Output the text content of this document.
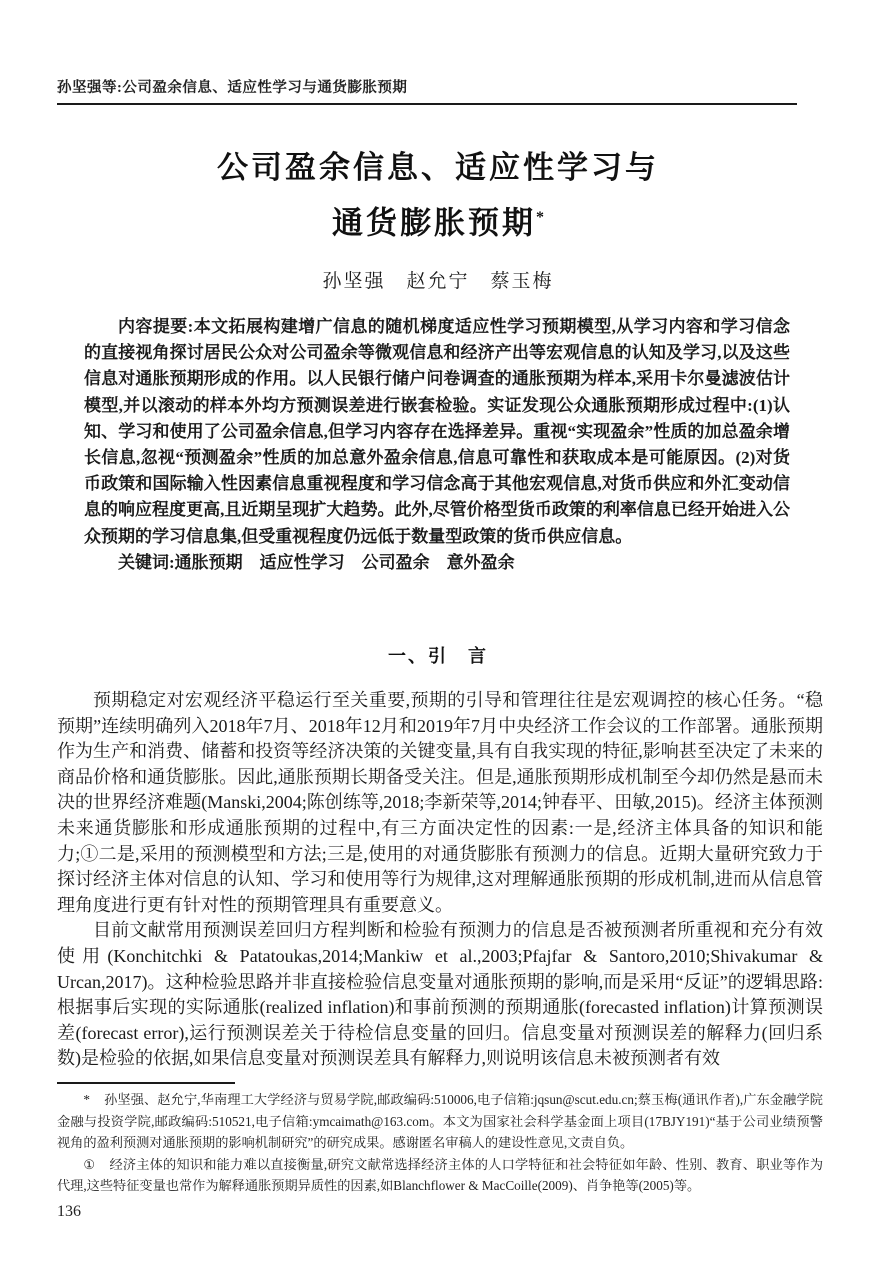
孙坚强等:公司盈余信息、适应性学习与通货膨胀预期
公司盈余信息、适应性学习与
通货膨胀预期*
孙坚强　赵允宁　蔡玉梅

内容提要:本文拓展构建增广信息的随机梯度适应性学习预期模型,从学习内容和学习信念的直接视角探讨居民公众对公司盈余等微观信息和经济产出等宏观信息的认知及学习,以及这些信息对通胀预期形成的作用。以人民银行储户问卷调查的通胀预期为样本,采用卡尔曼滤波估计模型,并以滚动的样本外均方预测误差进行嵌套检验。实证发现公众通胀预期形成过程中:(1)认知、学习和使用了公司盈余信息,但学习内容存在选择差异。重视“实现盈余”性质的加总盈余增长信息,忽视“预测盈余”性质的加总意外盈余信息,信息可靠性和获取成本是可能原因。(2)对货币政策和国际输入性因素信息重视程度和学习信念高于其他宏观信息,对货币供应和外汇变动信息的响应程度更高,且近期呈现扩大趋势。此外,尽管价格型货币政策的利率信息已经开始进入公众预期的学习信息集,但受重视程度仍远低于数量型政策的货币供应信息。

关键词:通胀预期　适应性学习　公司盈余　意外盈余

一、引　言

预期稳定对宏观经济平稳运行至关重要,预期的引导和管理往往是宏观调控的核心任务。“稳预期”连续明确列入2018年7月、2018年12月和2019年7月中央经济工作会议的工作部署。通胀预期作为生产和消费、储蓄和投资等经济决策的关键变量,具有自我实现的特征,影响甚至决定了未来的商品价格和通货膨胀。因此,通胀预期长期备受关注。但是,通胀预期形成机制至今却仍然是悬而未决的世界经济难题(Manski,2004;陈创练等,2018;李新荣等,2014;钟春平、田敏,2015)。经济主体预测未来通货膨胀和形成通胀预期的过程中,有三方面决定性的因素:一是,经济主体具备的知识和能力;①二是,采用的预测模型和方法;三是,使用的对通货膨胀有预测力的信息。近期大量研究致力于探讨经济主体对信息的认知、学习和使用等行为规律,这对理解通胀预期的形成机制,进而从信息管理角度进行更有针对性的预期管理具有重要意义。

目前文献常用预测误差回归方程判断和检验有预测力的信息是否被预测者所重视和充分有效使用(Konchitchki & Patatoukas,2014;Mankiw et al.,2003;Pfajfar & Santoro,2010;Shivakumar & Urcan,2017)。这种检验思路并非直接检验信息变量对通胀预期的影响,而是采用“反证”的逻辑思路:根据事后实现的实际通胀(realized inflation)和事前预测的预期通胀(forecasted inflation)计算预测误差(forecast error),运行预测误差关于待检信息变量的回归。信息变量对预测误差的解释力(回归系数)是检验的依据,如果信息变量对预测误差具有解释力,则说明该信息未被预测者有效

* 孙坚强、赵允宁,华南理工大学经济与贸易学院,邮政编码:510006,电子信箱:jqsun@scut.edu.cn;蔡玉梅(通讯作者),广东金融学院金融与投资学院,邮政编码:510521,电子信箱:ymcaimath@163.com。本文为国家社会科学基金面上项目(17BJY191)“基于公司业绩预警视角的盈利预测对通胀预期的影响机制研究”的研究成果。感谢匿名审稿人的建设性意见,文责自负。

① 经济主体的知识和能力难以直接衡量,研究文献常选择经济主体的人口学特征和社会特征如年龄、性别、教育、职业等作为代理,这些特征变量也常作为解释通胀预期异质性的因素,如Blanchflower & MacCoille(2009)、肖争艳等(2005)等。

136
